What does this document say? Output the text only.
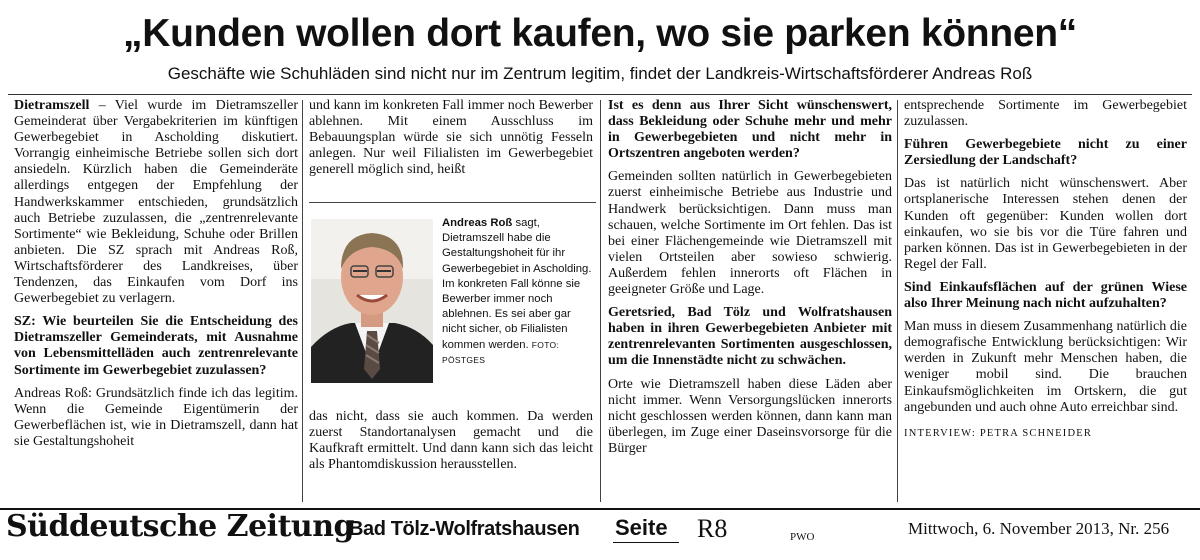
„Kunden wollen dort kaufen, wo sie parken können“
Geschäfte wie Schuhläden sind nicht nur im Zentrum legitim, findet der Landkreis-Wirtschaftsförderer Andreas Roß

Dietramszell – Viel wurde im Dietramszeller Gemeinderat über Vergabekriterien im künftigen Gewerbegebiet in Ascholding diskutiert. Vorrangig einheimische Betriebe sollen sich dort ansiedeln. Kürzlich haben die Gemeinderäte allerdings entgegen der Empfehlung der Handwerkskammer entschieden, grundsätzlich auch Betriebe zuzulassen, die „zentrenrelevante Sortimente“ wie Bekleidung, Schuhe oder Brillen anbieten. Die SZ sprach mit Andreas Roß, Wirtschaftsförderer des Landkreises, über Tendenzen, das Einkaufen vom Dorf ins Gewerbegebiet zu verlagern.

SZ: Wie beurteilen Sie die Entscheidung des Dietramszeller Gemeinderats, mit Ausnahme von Lebensmittelläden auch zentrenrelevante Sortimente im Gewerbegebiet zuzulassen?

Andreas Roß: Grundsätzlich finde ich das legitim. Wenn die Gemeinde Eigentümerin der Gewerbeflächen ist, wie in Dietramszell, dann hat sie Gestaltungshoheit

und kann im konkreten Fall immer noch Bewerber ablehnen. Mit einem Ausschluss im Bebauungsplan würde sie sich unnötig Fesseln anlegen. Nur weil Filialisten im Gewerbegebiet generell möglich sind, heißt

Andreas Roß sagt, Dietramszell habe die Gestaltungshoheit für ihr Gewerbegebiet in Ascholding. Im konkreten Fall könne sie Bewerber immer noch ablehnen. Es sei aber gar nicht sicher, ob Filialisten kommen werden. FOTO: PÖSTGES

das nicht, dass sie auch kommen. Da werden zuerst Standortanalysen gemacht und die Kaufkraft ermittelt. Und dann kann sich das leicht als Phantomdiskussion herausstellen.

Ist es denn aus Ihrer Sicht wünschenswert, dass Bekleidung oder Schuhe mehr und mehr in Gewerbegebieten und nicht mehr in Ortszentren angeboten werden?

Gemeinden sollten natürlich in Gewerbegebieten zuerst einheimische Betriebe aus Industrie und Handwerk berücksichtigen. Dann muss man schauen, welche Sortimente im Ort fehlen. Das ist bei einer Flächengemeinde wie Dietramszell mit vielen Ortsteilen aber sowieso schwierig. Außerdem fehlen innerorts oft Flächen in geeigneter Größe und Lage.

Geretsried, Bad Tölz und Wolfratshausen haben in ihren Gewerbegebieten Anbieter mit zentrenrelevanten Sortimenten ausgeschlossen, um die Innenstädte nicht zu schwächen.

Orte wie Dietramszell haben diese Läden aber nicht immer. Wenn Versorgungslücken innerorts nicht geschlossen werden können, dann kann man überlegen, im Zuge einer Daseinsvorsorge für die Bürger

entsprechende Sortimente im Gewerbegebiet zuzulassen.

Führen Gewerbegebiete nicht zu einer Zersiedlung der Landschaft?

Das ist natürlich nicht wünschenswert. Aber ortsplanerische Interessen stehen denen der Kunden oft gegenüber: Kunden wollen dort einkaufen, wo sie bis vor die Türe fahren und parken können. Das ist in Gewerbegebieten in der Regel der Fall.

Sind Einkaufsflächen auf der grünen Wiese also Ihrer Meinung nach nicht aufzuhalten?

Man muss in diesem Zusammenhang natürlich die demografische Entwicklung berücksichtigen: Wir werden in Zukunft mehr Menschen haben, die weniger mobil sind. Die brauchen Einkaufsmöglichkeiten im Ortskern, die gut angebunden und auch ohne Auto erreichbar sind.

INTERVIEW: PETRA SCHNEIDER

Süddeutsche Zeitung
Bad Tölz-Wolfratshausen Seite R8	PWO	Mittwoch, 6. November 2013, Nr. 256
